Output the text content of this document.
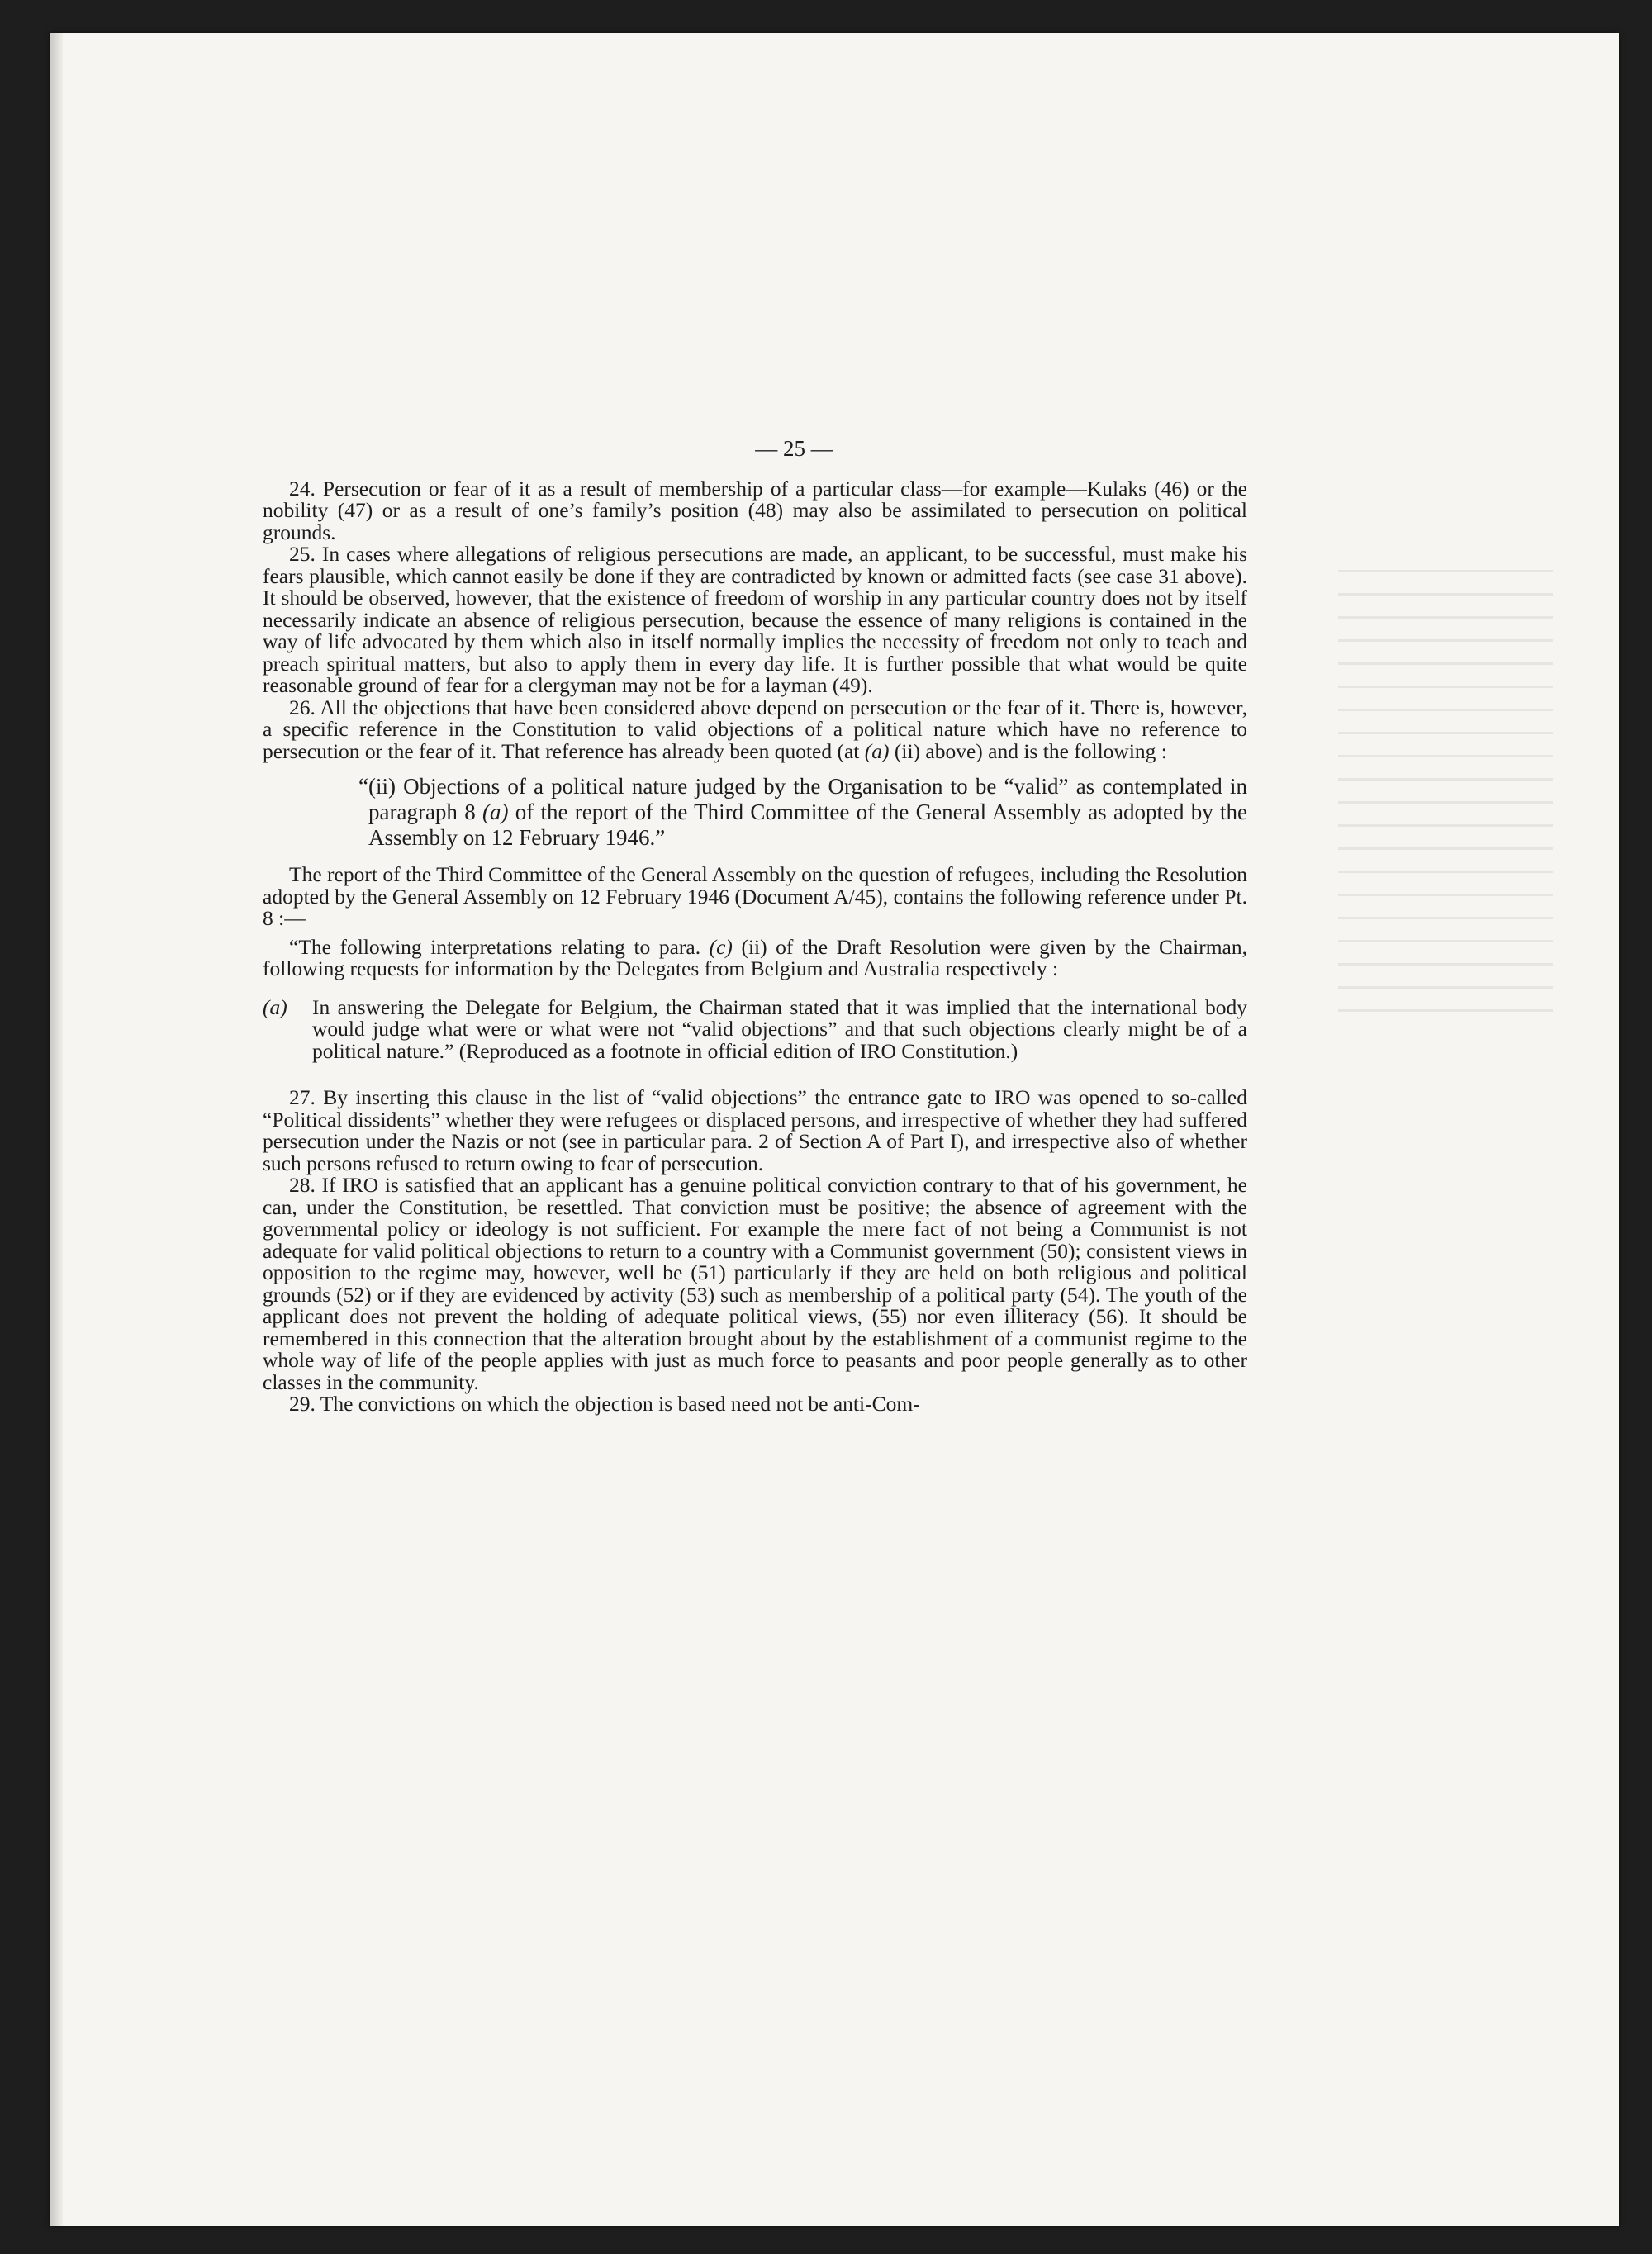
— 25 —

24. Persecution or fear of it as a result of membership of a particular class—for example—Kulaks (46) or the nobility (47) or as a result of one’s family’s position (48) may also be assimilated to persecution on political grounds.

25. In cases where allegations of religious persecutions are made, an applicant, to be successful, must make his fears plausible, which cannot easily be done if they are contradicted by known or admitted facts (see case 31 above). It should be observed, however, that the existence of freedom of worship in any particular country does not by itself necessarily indicate an absence of religious persecution, because the essence of many religions is contained in the way of life advocated by them which also in itself normally implies the necessity of freedom not only to teach and preach spiritual matters, but also to apply them in every day life. It is further possible that what would be quite reasonable ground of fear for a clergyman may not be for a layman (49).

26. All the objections that have been considered above depend on persecution or the fear of it. There is, however, a specific reference in the Constitution to valid objections of a political nature which have no reference to persecution or the fear of it. That reference has already been quoted (at (a) (ii) above) and is the following :

“(ii) Objections of a political nature judged by the Organisation to be “valid” as contemplated in paragraph 8 (a) of the report of the Third Committee of the General Assembly as adopted by the Assembly on 12 February 1946.”

The report of the Third Committee of the General Assembly on the question of refugees, including the Resolution adopted by the General Assembly on 12 February 1946 (Document A/45), contains the following reference under Pt. 8 :—

“The following interpretations relating to para. (c) (ii) of the Draft Resolution were given by the Chairman, following requests for information by the Delegates from Belgium and Australia respectively :

(a)	In answering the Delegate for Belgium, the Chairman stated that it was implied that the international body would judge what were or what were not “valid objections” and that such objections clearly might be of a political nature.” (Reproduced as a footnote in official edition of IRO Constitution.)

27. By inserting this clause in the list of “valid objections” the entrance gate to IRO was opened to so-called “Political dissidents” whether they were refugees or displaced persons, and irrespective of whether they had suffered persecution under the Nazis or not (see in particular para. 2 of Section A of Part I), and irrespective also of whether such persons refused to return owing to fear of persecution.

28. If IRO is satisfied that an applicant has a genuine political conviction contrary to that of his government, he can, under the Constitution, be resettled. That conviction must be positive; the absence of agreement with the governmental policy or ideology is not sufficient. For example the mere fact of not being a Communist is not adequate for valid political objections to return to a country with a Communist government (50); consistent views in opposition to the regime may, however, well be (51) particularly if they are held on both religious and political grounds (52) or if they are evidenced by activity (53) such as membership of a political party (54). The youth of the applicant does not prevent the holding of adequate political views, (55) nor even illiteracy (56). It should be remembered in this connection that the alteration brought about by the establishment of a communist regime to the whole way of life of the people applies with just as much force to peasants and poor people generally as to other classes in the community.

29. The convictions on which the objection is based need not be anti-Com-
